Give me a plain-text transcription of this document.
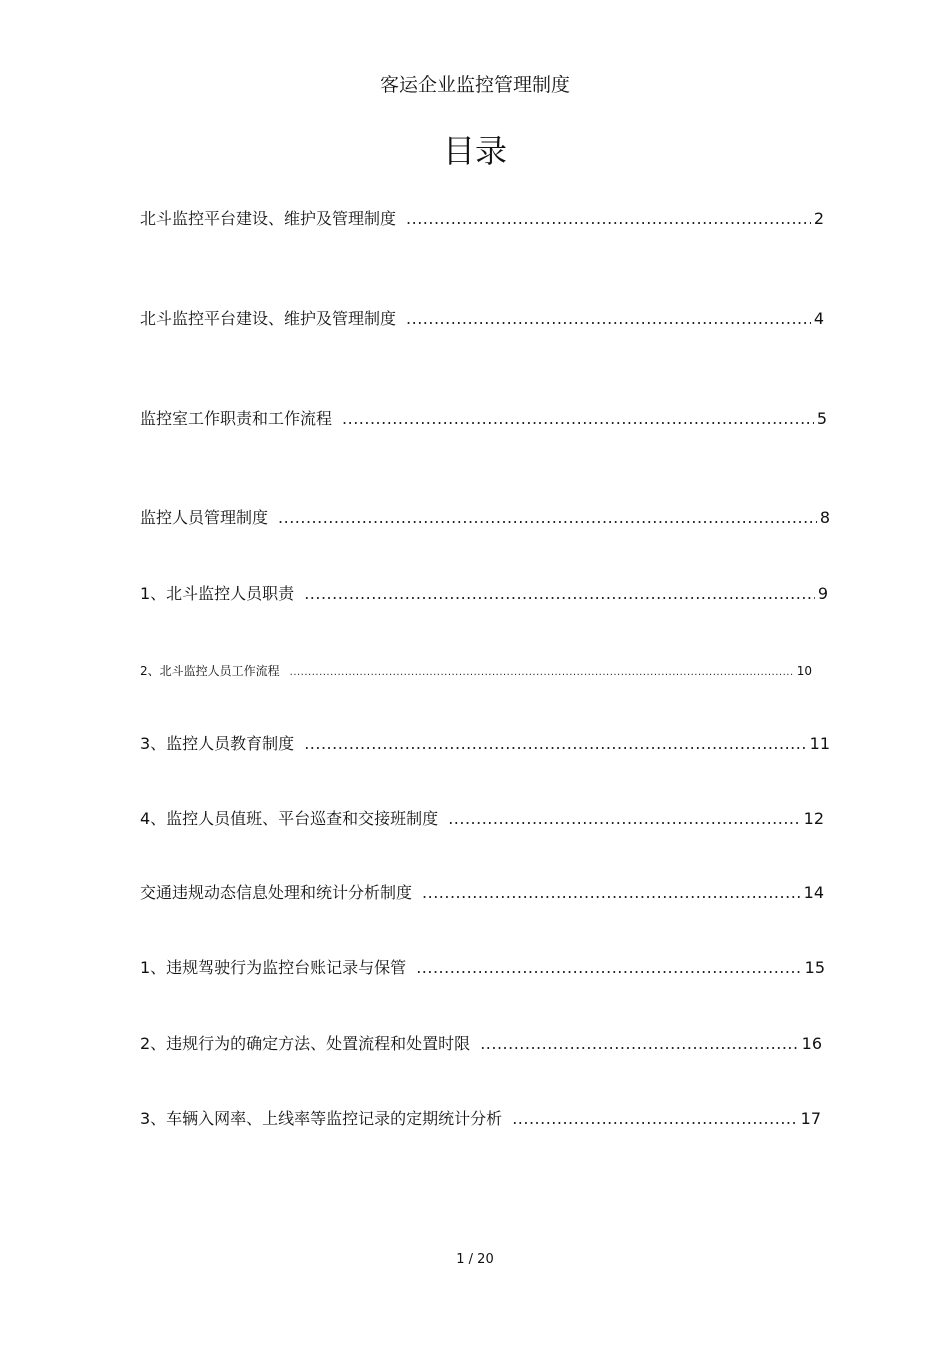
客运企业监控管理制度
目录
北斗监控平台建设、维护及管理制度 .....	2
北斗监控平台建设、维护及管理制度 .....	4
监控室工作职责和工作流程 .....	5
监控人员管理制度 .....	8
1、北斗监控人员职责 .....	9
2、北斗监控人员工作流程 .....	10
3、监控人员教育制度 .....	11
4、监控人员值班、平台巡查和交接班制度 .....	12
交通违规动态信息处理和统计分析制度 .....	14
1、违规驾驶行为监控台账记录与保管 .....	15
2、违规行为的确定方法、处置流程和处置时限 .....	16
3、车辆入网率、上线率等监控记录的定期统计分析 .....	17
1 / 20
